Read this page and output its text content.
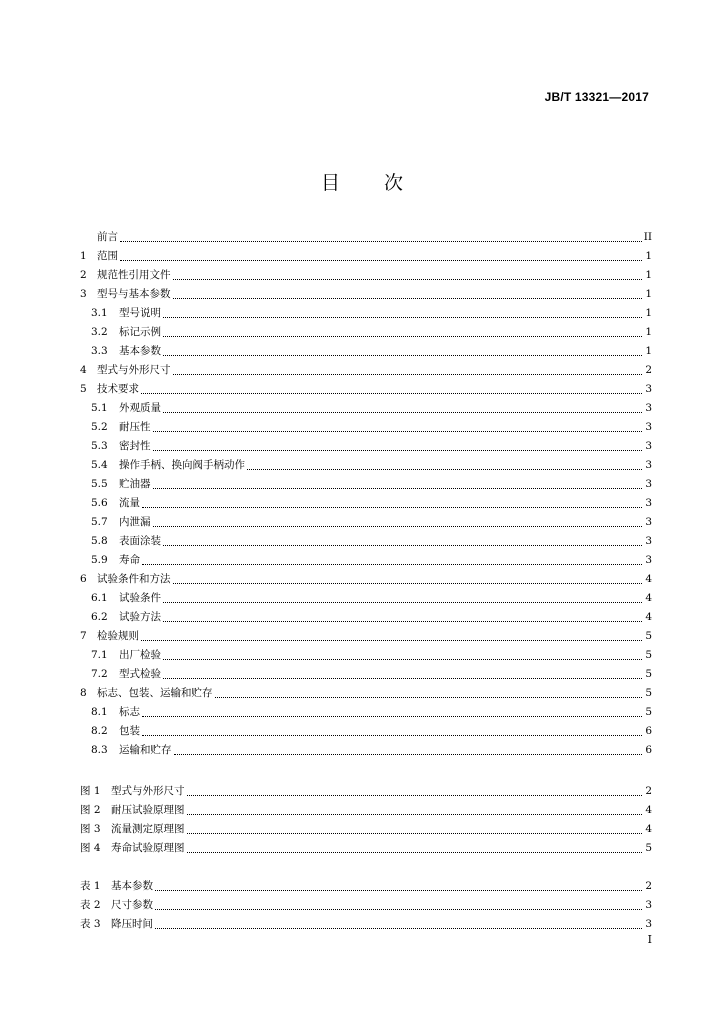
JB/T 13321—2017
目次
前言	II
1 范围	1
2 规范性引用文件	1
3 型号与基本参数	1
3.1	型号说明	1
3.2	标记示例	1
3.3	基本参数	1
4 型式与外形尺寸	2
5 技术要求	3
5.1	外观质量	3
5.2	耐压性	3
5.3	密封性	3
5.4	操作手柄、换向阀手柄动作	3
5.5	贮油器	3
5.6	流量	3
5.7	内泄漏	3
5.8	表面涂装	3
5.9	寿命	3
6 试验条件和方法	4
6.1	试验条件	4
6.2	试验方法	4
7 检验规则	5
7.1	出厂检验	5
7.2	型式检验	5
8 标志、包装、运输和贮存	5
8.1	标志	5
8.2	包装	6
8.3	运输和贮存	6
图 1 型式与外形尺寸	2
图 2 耐压试验原理图	4
图 3 流量测定原理图	4
图 4 寿命试验原理图	5
表 1 基本参数	2
表 2 尺寸参数	3
表 3 降压时间	3
I
